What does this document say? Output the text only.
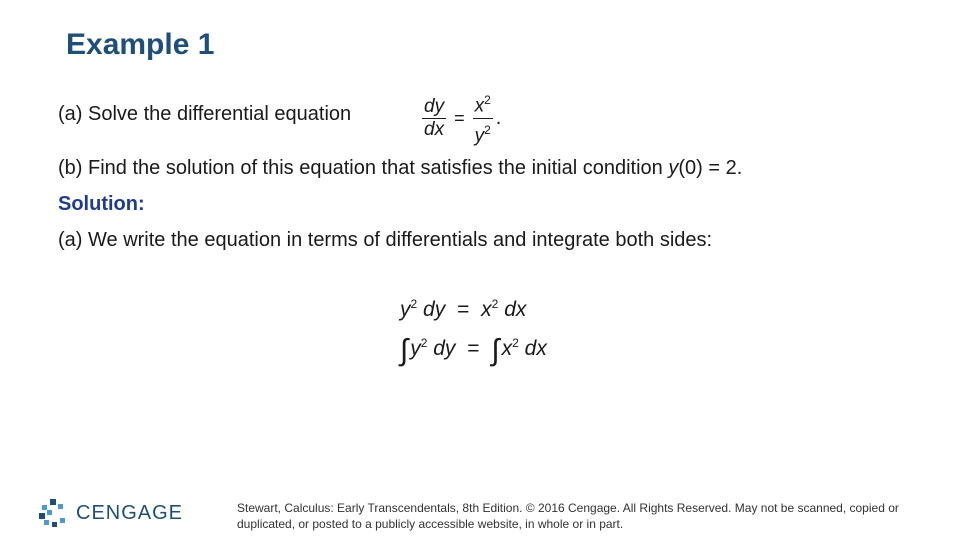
Example 1
(a) Solve the differential equation	$\frac{dy}{dx} = \frac{x^2}{y^2}$ .
(b) Find the solution of this equation that satisfies the initial condition y(0) = 2.
Solution:
(a) We write the equation in terms of differentials and integrate both sides:
$y^2$ dy = $x^2$ dx
$\int y^2$ dy = $\int x^2$ dx
CENGAGE	Stewart, Calculus: Early Transcendentals, 8th Edition. © 2016 Cengage. All Rights Reserved. May not be scanned, copied or duplicated, or posted to a publicly accessible website, in whole or in part.
